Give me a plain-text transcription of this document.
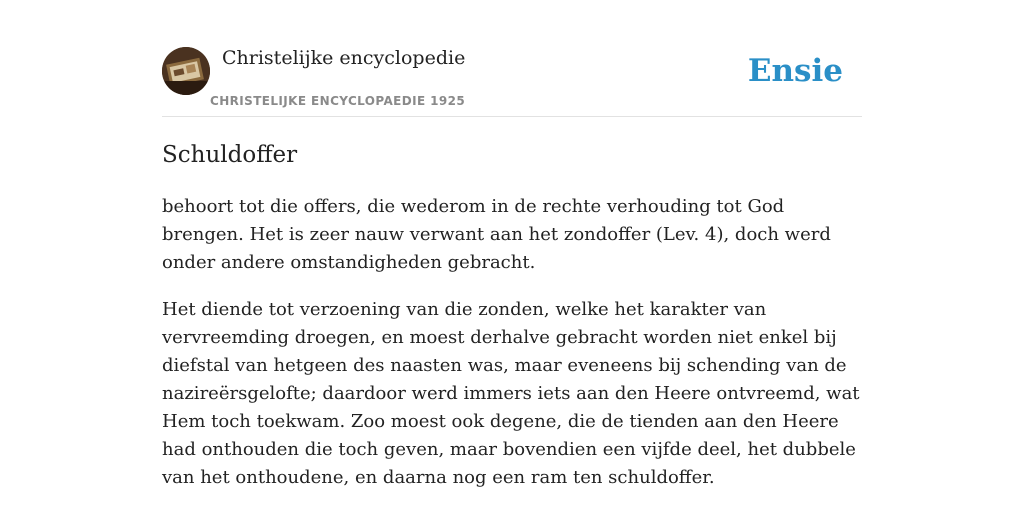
Christelijke encyclopedie
CHRISTELIJKE ENCYCLOPAEDIE 1925
Ensie
Schuldoffer

behoort tot die offers, die wederom in de rechte verhouding tot God brengen. Het is zeer nauw verwant aan het zondoffer (Lev. 4), doch werd onder andere omstandigheden gebracht.

Het diende tot verzoening van die zonden, welke het karakter van vervreemding droegen, en moest derhalve gebracht worden niet enkel bij diefstal van hetgeen des naasten was, maar eveneens bij schending van de nazireërsgelofte; daardoor werd immers iets aan den Heere ontvreemd, wat Hem toch toekwam. Zoo moest ook degene, die de tienden aan den Heere had onthouden die toch geven, maar bovendien een vijfde deel, het dubbele van het onthoudene, en daarna nog een ram ten schuldoffer.
